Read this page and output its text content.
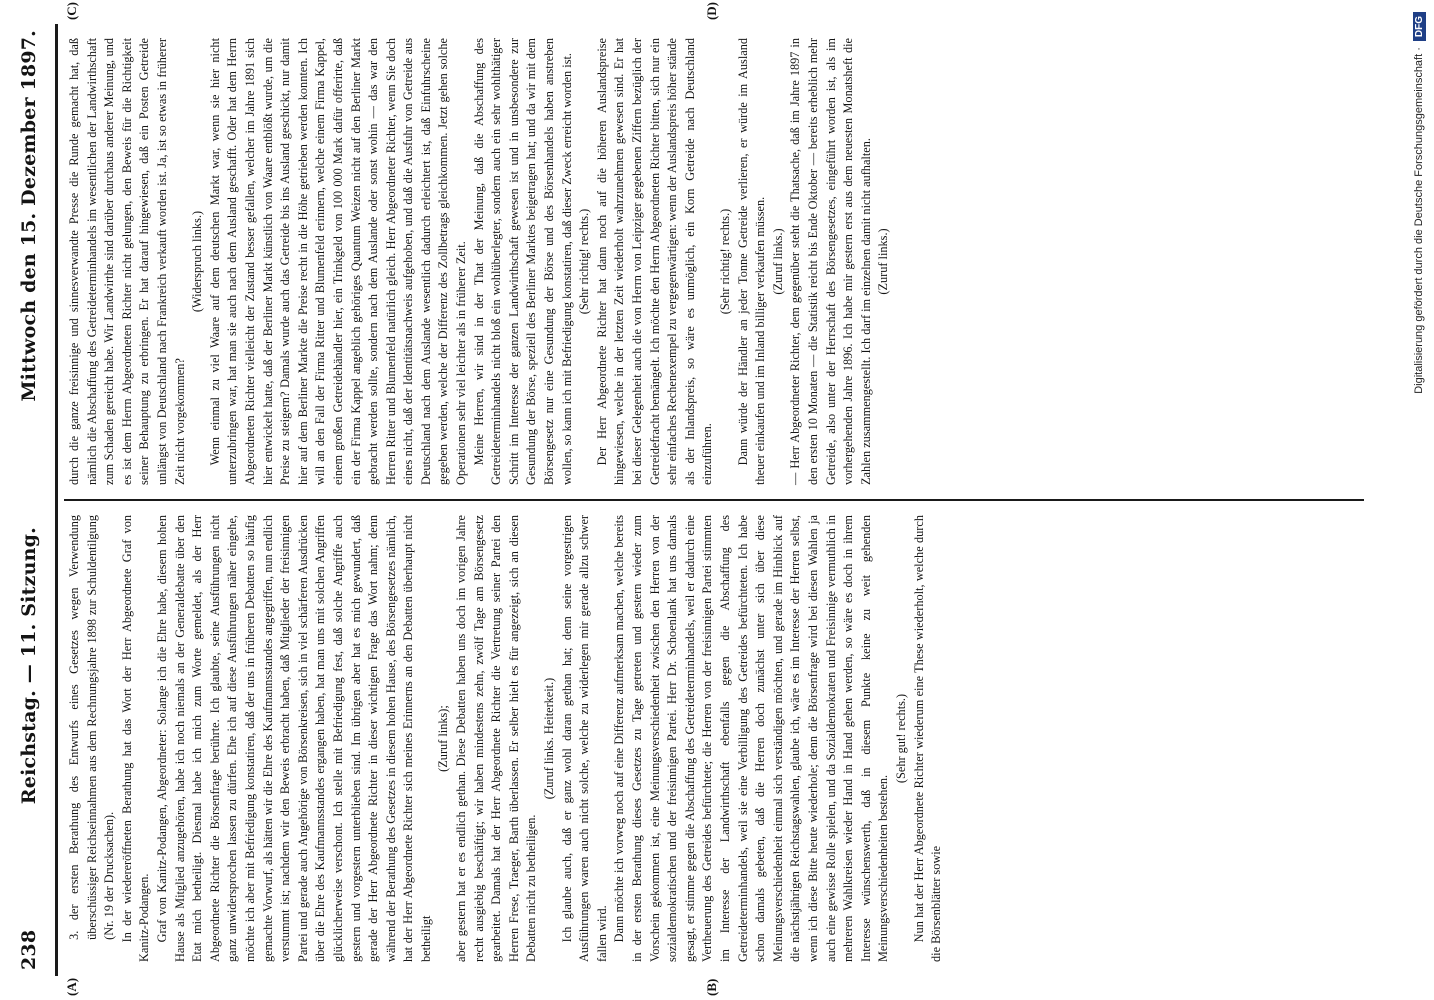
238
Reichstag. — 11. Sitzung.
Mittwoch den 15. Dezember 1897.
(A)	(B)
(C)	(D)

3. der ersten Berathung des Entwurfs eines Gesetzes wegen Verwendung überschüssiger Reichseinnahmen aus dem Rechnungsjahre 1898 zur Schuldentilgung (Nr. 19 der Drucksachen). In der wiedereröffneten Berathung hat das Wort der Herr Abgeordnete Graf von Kanitz-Podangen. Graf von Kanitz-Podangen, Abgeordneter: Solange ich die Ehre habe, diesem hohen Hause als Mitglied anzugehören, habe ich noch niemals an der Generaldebatte über den Etat mich betheiligt. Diesmal habe ich mich zum Worte gemeldet, als der Herr Abgeordnete Richter die Börsenfrage berührte. Ich glaubte, seine Ausführungen nicht ganz unwidersprochen lassen zu dürfen. Ehe ich auf diese Ausführungen näher eingehe, möchte ich aber mit Befriedigung konstatiren, daß der uns in früheren Debatten so häufig gemachte Vorwurf, als hätten wir die Ehre des Kaufmannsstandes angegriffen, nun endlich verstummt ist; nachdem wir den Beweis erbracht haben, daß Mitglieder der freisinnigen Partei und gerade auch Angehörige von Börsenkreisen, sich in viel schärferen Ausdrücken über die Ehre des Kaufmannsstandes ergangen haben, hat man uns mit solchen Angriffen glücklicherweise verschont. Ich stelle mit Befriedigung fest, daß solche Angriffe auch gestern und vorgestern unterblieben sind. Im übrigen aber hat es mich gewundert, daß gerade der Herr Abgeordnete Richter in dieser wichtigen Frage das Wort nahm; denn während der Berathung des Gesetzes in diesem hohen Hause, des Börsengesetzes nämlich, hat der Herr Abgeordnete Richter sich meines Erinnerns an den Debatten überhaupt nicht betheiligt

(Zuruf links); aber gestern hat er es endlich gethan. Diese Debatten haben uns doch im vorigen Jahre recht ausgiebig beschäftigt; wir haben mindestens zehn, zwölf Tage am Börsengesetz gearbeitet. Damals hat der Herr Abgeordnete Richter die Vertretung seiner Partei den Herren Frese, Traeger, Barth überlassen. Er selber hielt es für angezeigt, sich an diesen Debatten nicht zu betheiligen.

(Zuruf links. Heiterkeit.) Ich glaube auch, daß er ganz wohl daran gethan hat; denn seine vorgestrigen Ausführungen waren auch nicht solche, welche zu widerlegen mir gerade allzu schwer fallen wird. Dann möchte ich vorweg noch auf eine Differenz aufmerksam machen, welche bereits in der ersten Berathung dieses Gesetzes zu Tage getreten und gestern wieder zum Vorschein gekommen ist, eine Meinungsverschiedenheit zwischen den Herren von der sozialdemokratischen und der freisinnigen Partei. Herr Dr. Schoenlank hat uns damals gesagt, er stimme gegen die Abschaffung des Getreideterminhandels, weil er dadurch eine Vertheuerung des Getreides befürchtete; die Herren von der freisinnigen Partei stimmten im Interesse der Landwirthschaft ebenfalls gegen die Abschaffung des Getreideterminhandels, weil sie eine Verbilligung des Getreides befürchteten. Ich habe schon damals gebeten, daß die Herren doch zunächst unter sich über diese Meinungsverschiedenheit einmal sich verständigen möchten, und gerade im Hinblick auf die nächstjährigen Reichstagswahlen, glaube ich, wäre es im Interesse der Herren selbst, wenn ich diese Bitte heute wiederhole; denn die Börsenfrage wird bei diesen Wahlen ja auch eine gewisse Rolle spielen, und da Sozialdemokraten und Freisinnige vermuthlich in mehreren Wahlkreisen wieder Hand in Hand gehen werden, so wäre es doch in ihrem Interesse wünschenswerth, daß in diesem Punkte keine zu weit gehenden Meinungsverschiedenheiten bestehen.

(Sehr gut! rechts.) Nun hat der Herr Abgeordnete Richter wiederum eine These wiederholt, welche durch die Börsenblätter sowie

durch die ganze freisinnige und sinnesverwandte Presse die Runde gemacht hat, daß nämlich die Abschaffung des Getreideterminhandels im wesentlichen der Landwirthschaft zum Schaden gereicht habe. Wir Landwirthe sind darüber durchaus anderer Meinung, und es ist dem Herrn Abgeordneten Richter nicht gelungen, den Beweis für die Richtigkeit seiner Behauptung zu erbringen. Er hat darauf hingewiesen, daß ein Posten Getreide unlängst von Deutschland nach Frankreich verkauft worden ist. Ja, ist so etwas in früherer Zeit nicht vorgekommen?

(Widerspruch links.) Wenn einmal zu viel Waare auf dem deutschen Markt war, wenn sie hier nicht unterzubringen war, hat man sie auch nach dem Ausland geschafft. Oder hat dem Herrn Abgeordneten Richter vielleicht der Zustand besser gefallen, welcher im Jahre 1891 sich hier entwickelt hatte, daß der Berliner Markt künstlich von Waare entblößt wurde, um die Preise zu steigern? Damals wurde auch das Getreide bis ins Ausland geschickt, nur damit hier auf dem Berliner Markte die Preise recht in die Höhe getrieben werden konnten. Ich will an den Fall der Firma Ritter und Blumenfeld erinnern, welche einem Firma Kappel, einem großen Getreidehändler hier, ein Trinkgeld von 100 000 Mark dafür offerirte, daß ein der Firma Kappel angeblich gehöriges Quantum Weizen nicht auf den Berliner Markt gebracht werden sollte, sondern nach dem Auslande oder sonst wohin — das war den Herren Ritter und Blumenfeld natürlich gleich. Herr Abgeordneter Richter, wenn Sie doch eines nicht, daß der Identitätsnachweis aufgehoben, und daß die Ausfuhr von Getreide aus Deutschland nach dem Auslande wesentlich dadurch erleichtert ist, daß Einfuhrscheine gegeben werden, welche der Differenz des Zollbetrags gleichkommen. Jetzt gehen solche Operationen sehr viel leichter als in früherer Zeit. Meine Herren, wir sind in der That der Meinung, daß die Abschaffung des Getreideterminhandels nicht bloß ein wohlüberlegter, sondern auch ein sehr wohlthätiger Schritt im Interesse der ganzen Landwirthschaft gewesen ist und in unsbesondere zur Gesundung der Börse, speziell des Berliner Marktes beigetragen hat; und da wir mit dem Börsengesetz nur eine Gesundung der Börse und des Börsenhandels haben anstreben wollen, so kann ich mit Befriedigung konstatiren, daß dieser Zweck erreicht worden ist. (Sehr richtig! rechts.) Der Herr Abgeordnete Richter hat dann noch auf die höheren Auslandspreise hingewiesen, welche in der letzten Zeit wiederholt wahrzunehmen gewesen sind. Er hat bei dieser Gelegenheit auch die von Herrn von Leipziger gegebenen Ziffern bezüglich der Getreidefracht bemängelt. Ich möchte den Herrn Abgeordneten Richter bitten, sich nur ein sehr einfaches Rechenexempel zu vergegenwärtigen: wenn der Auslandspreis höher stände als der Inlandspreis, so wäre es unmöglich, ein Korn Getreide nach Deutschland einzuführen.

(Sehr richtig! rechts.) Dann würde der Händler an jeder Tonne Getreide verlieren, er würde im Ausland theuer einkaufen und im Inland billiger verkaufen müssen. (Zuruf links.) — Herr Abgeordneter Richter, dem gegenüber steht die Thatsache, daß im Jahre 1897 in den ersten 10 Monaten — die Statistik reicht bis Ende Oktober — bereits erheblich mehr Getreide, also unter der Herrschaft des Börsengesetzes, eingeführt worden ist, als im vorhergehenden Jahre 1896. Ich habe mir gestern erst aus dem neuesten Monatsheft die Zahlen zusammengestellt. Ich darf im einzelnen damit nicht aufhalten. (Zuruf links.)	Digitalisierung gefördert durch die Deutsche Forschungsgemeinschaft ·
DFG
